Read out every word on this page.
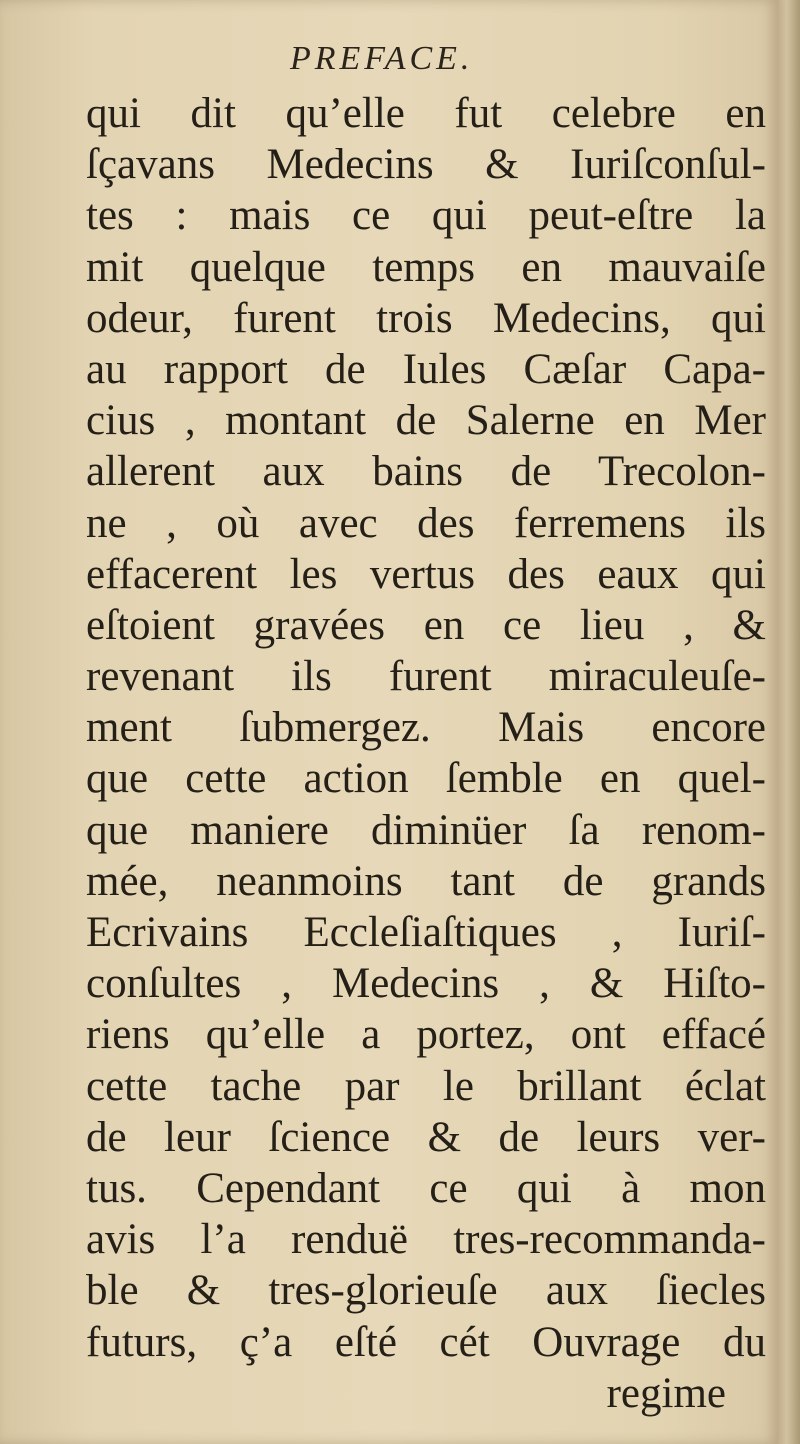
PREFACE.
qui dit qu’elle fut celebre en
ſçavans Medecins & Iuriſconſul-
tes : mais ce qui peut-eſtre la
mit quelque temps en mauvaiſe
odeur, furent trois Medecins, qui
au rapport de Iules Cæſar Capa-
cius , montant de Salerne en Mer
allerent aux bains de Trecolon-
ne , où avec des ferremens ils
effacerent les vertus des eaux qui
eſtoient gravées en ce lieu , &
revenant ils furent miraculeuſe-
ment ſubmergez. Mais encore
que cette action ſemble en quel-
que maniere diminüer ſa renom-
mée, neanmoins tant de grands
Ecrivains Eccleſiaſtiques , Iuriſ-
conſultes , Medecins , & Hiſto-
riens qu’elle a portez, ont effacé
cette tache par le brillant éclat
de leur ſcience & de leurs ver-
tus. Cependant ce qui à mon
avis l’a renduë tres-recommanda-
ble & tres-glorieuſe aux ſiecles
futurs, ç’a eſté cét Ouvrage du
regime
